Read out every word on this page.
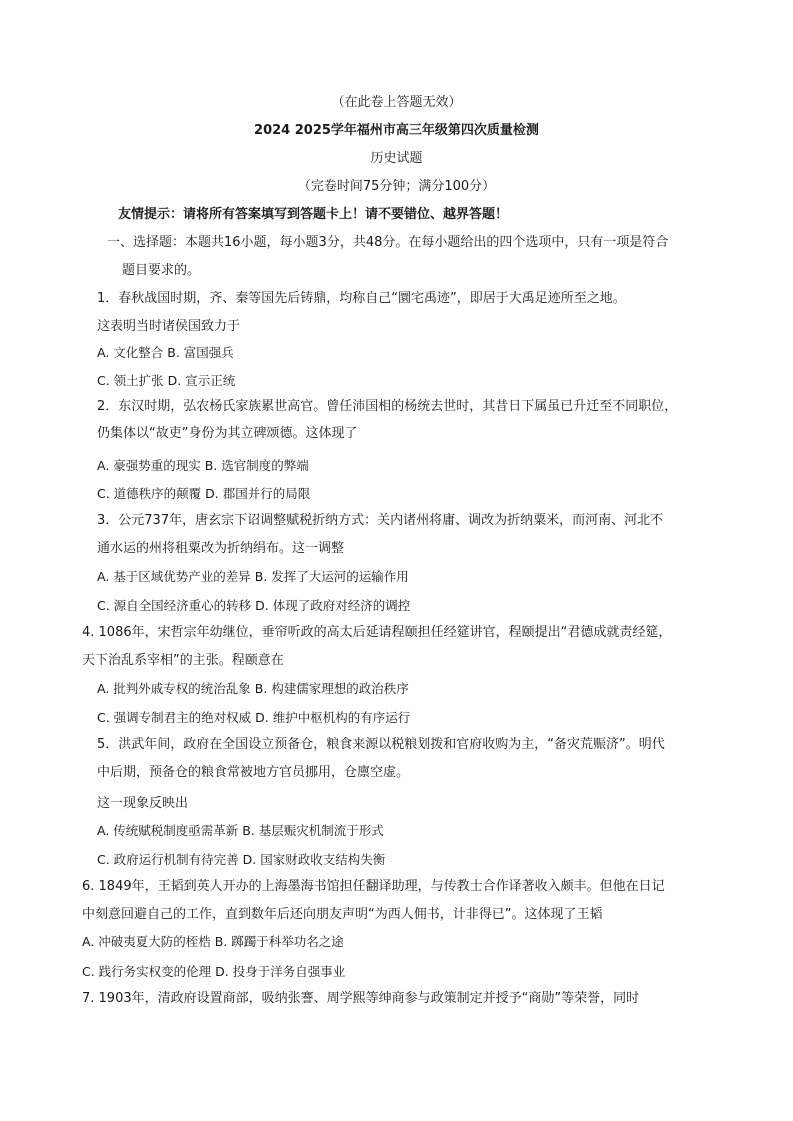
（在此卷上答题无效）
2024 2025学年福州市高三年级第四次质量检测
历史试题
（完卷时间75分钟；满分100分）
友情提示：请将所有答案填写到答题卡上！请不要错位、越界答题！
一、选择题：本题共16小题，每小题3分，共48分。在每小题给出的四个选项中，只有一项是符合
题目要求的。
1．春秋战国时期，齐、秦等国先后铸鼎，均称自己“圜宅禹迹”，即居于大禹足迹所至之地。
这表明当时诸侯国致力于
A. 文化整合 B. 富国强兵
C. 领土扩张 D. 宣示正统
2．东汉时期，弘农杨氏家族累世高官。曾任沛国相的杨统去世时，其昔日下属虽已升迁至不同职位，
仍集体以“故吏”身份为其立碑颂德。这体现了
A. 豪强势重的现实 B. 选官制度的弊端
C. 道德秩序的颠覆 D. 郡国并行的局限
3．公元737年，唐玄宗下诏调整赋税折纳方式：关内诸州将庸、调改为折纳粟米，而河南、河北不
通水运的州将租粟改为折纳绢布。这一调整
A. 基于区域优势产业的差异 B. 发挥了大运河的运输作用
C. 源自全国经济重心的转移 D. 体现了政府对经济的调控
4. 1086年，宋哲宗年幼继位，垂帘听政的高太后延请程颐担任经筵讲官，程颐提出“君德成就责经筵，
天下治乱系宰相”的主张。程颐意在
A. 批判外戚专权的统治乱象 B. 构建儒家理想的政治秩序
C. 强调专制君主的绝对权威 D. 维护中枢机构的有序运行
5．洪武年间，政府在全国设立预备仓，粮食来源以税粮划拨和官府收购为主，“备灾荒赈济”。明代
中后期，预备仓的粮食常被地方官员挪用，仓廪空虚。
这一现象反映出
A. 传统赋税制度亟需革新 B. 基层赈灾机制流于形式
C. 政府运行机制有待完善 D. 国家财政收支结构失衡
6. 1849年，王韬到英人开办的上海墨海书馆担任翻译助理，与传教士合作译著收入颇丰。但他在日记
中刻意回避自己的工作，直到数年后还向朋友声明“为西人佣书，计非得已”。这体现了王韬
A. 冲破夷夏大防的桎梏 B. 踯躅于科举功名之途
C. 践行务实权变的伦理 D. 投身于洋务自强事业
7. 1903年，清政府设置商部，吸纳张謇、周学熙等绅商参与政策制定并授予“商勋”等荣誉，同时
